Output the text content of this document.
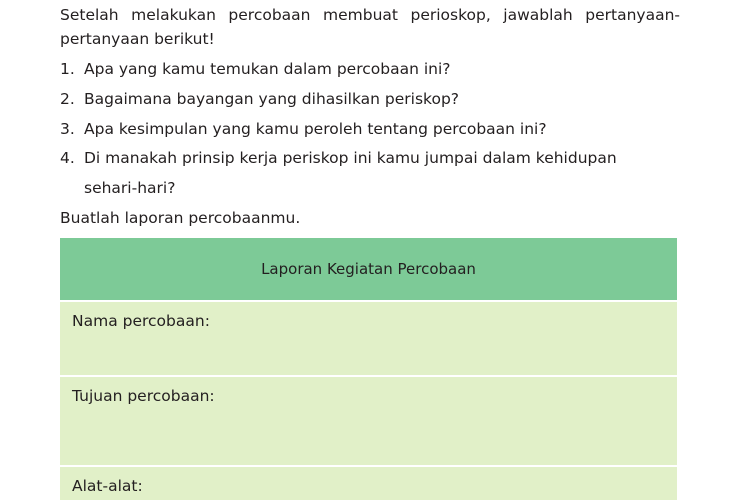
Setelah melakukan percobaan membuat perioskop, jawablah pertanyaan-pertanyaan berikut!

1. Apa yang kamu temukan dalam percobaan ini?

2. Bagaimana bayangan yang dihasilkan periskop?

3. Apa kesimpulan yang kamu peroleh tentang percobaan ini?

4. Di manakah prinsip kerja periskop ini kamu jumpai dalam kehidupan

sehari-hari?

Buatlah laporan percobaanmu.

Laporan Kegiatan Percobaan
Nama percobaan:
Tujuan percobaan:
Alat-alat:
